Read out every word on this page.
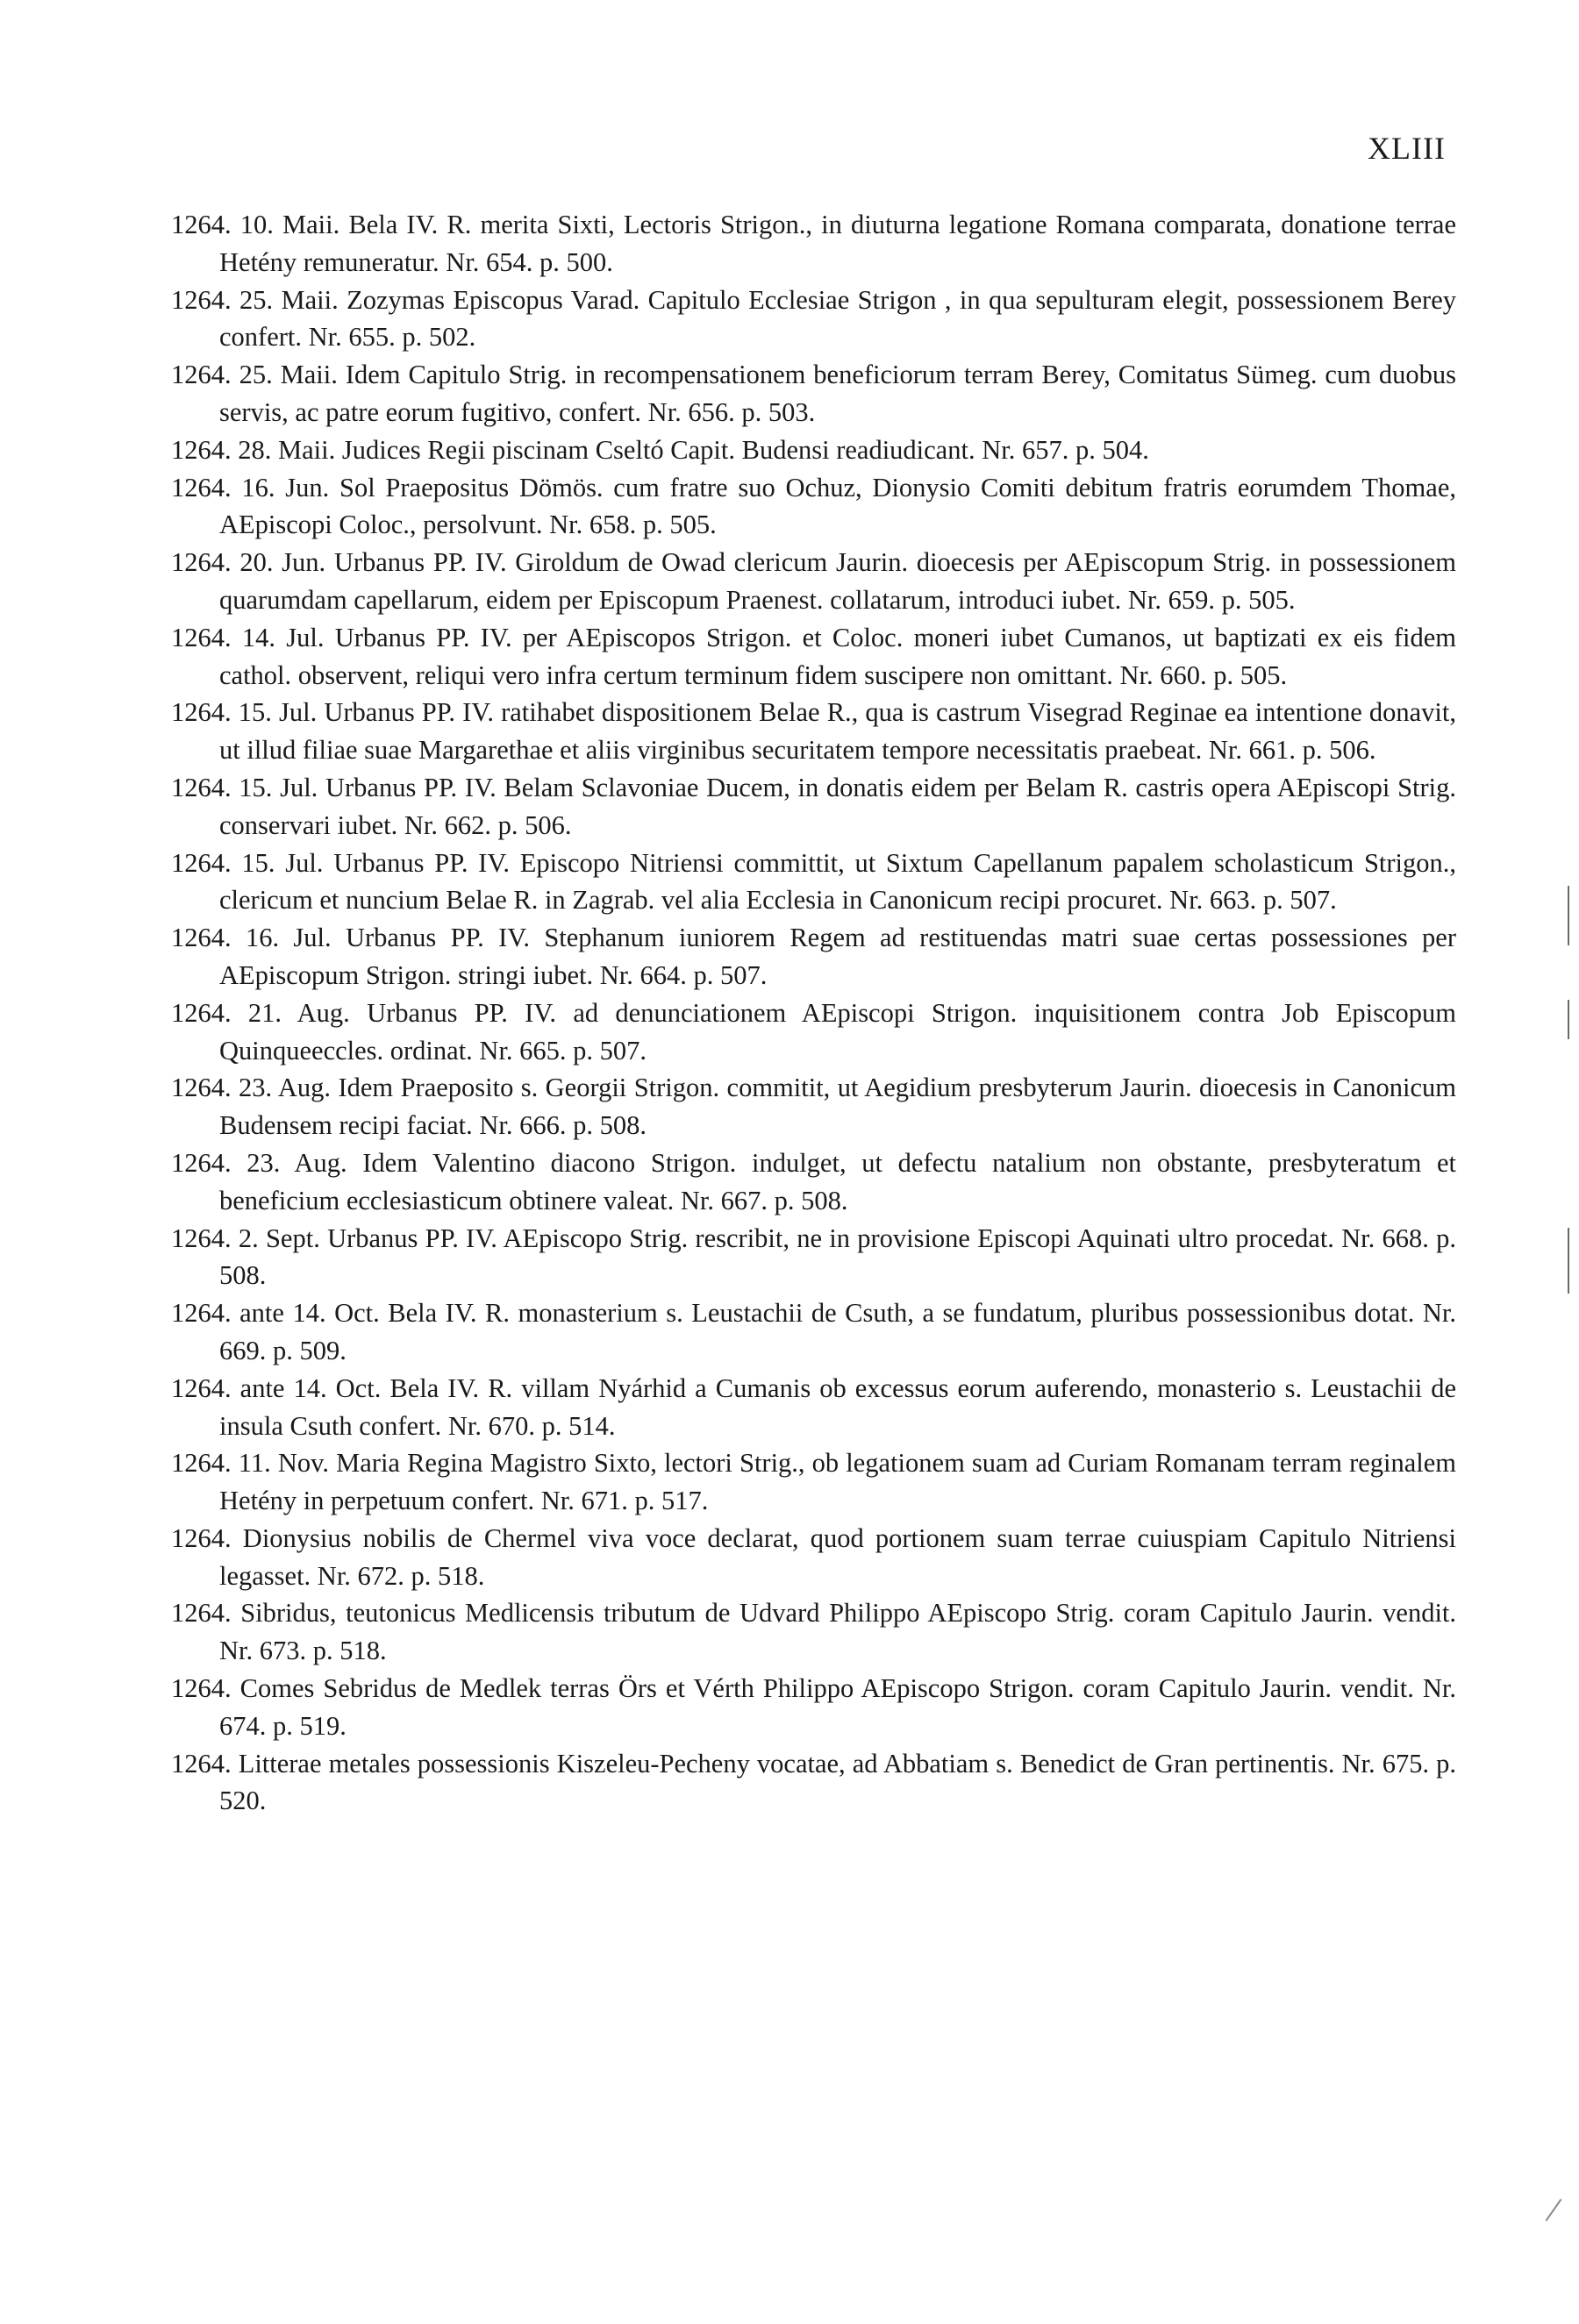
XLIII

1264. 10. Maii. Bela IV. R. merita Sixti, Lectoris Strigon., in diuturna legatione Romana comparata, donatione terrae Hetény remuneratur. Nr. 654. p. 500.

1264. 25. Maii. Zozymas Episcopus Varad. Capitulo Ecclesiae Strigon , in qua sepulturam elegit, possessionem Berey confert. Nr. 655. p. 502.

1264. 25. Maii. Idem Capitulo Strig. in recompensationem beneficiorum terram Berey, Comitatus Sümeg. cum duobus servis, ac patre eorum fugitivo, confert. Nr. 656. p. 503.

1264. 28. Maii. Judices Regii piscinam Cseltó Capit. Budensi readiudicant. Nr. 657. p. 504.

1264. 16. Jun. Sol Praepositus Dömös. cum fratre suo Ochuz, Dionysio Comiti debitum fratris eorumdem Thomae, AEpiscopi Coloc., persolvunt. Nr. 658. p. 505.

1264. 20. Jun. Urbanus PP. IV. Giroldum de Owad clericum Jaurin. dioecesis per AEpiscopum Strig. in possessionem quarumdam capellarum, eidem per Episcopum Praenest. collatarum, introduci iubet. Nr. 659. p. 505.

1264. 14. Jul. Urbanus PP. IV. per AEpiscopos Strigon. et Coloc. moneri iubet Cumanos, ut baptizati ex eis fidem cathol. observent, reliqui vero infra certum terminum fidem suscipere non omittant. Nr. 660. p. 505.

1264. 15. Jul. Urbanus PP. IV. ratihabet dispositionem Belae R., qua is castrum Visegrad Reginae ea intentione donavit, ut illud filiae suae Margarethae et aliis virginibus securitatem tempore necessitatis praebeat. Nr. 661. p. 506.

1264. 15. Jul. Urbanus PP. IV. Belam Sclavoniae Ducem, in donatis eidem per Belam R. castris opera AEpiscopi Strig. conservari iubet. Nr. 662. p. 506.

1264. 15. Jul. Urbanus PP. IV. Episcopo Nitriensi committit, ut Sixtum Capellanum papalem scholasticum Strigon., clericum et nuncium Belae R. in Zagrab. vel alia Ecclesia in Canonicum recipi procuret. Nr. 663. p. 507.

1264. 16. Jul. Urbanus PP. IV. Stephanum iuniorem Regem ad restituendas matri suae certas possessiones per AEpiscopum Strigon. stringi iubet. Nr. 664. p. 507.

1264. 21. Aug. Urbanus PP. IV. ad denunciationem AEpiscopi Strigon. inquisitionem contra Job Episcopum Quinqueeccles. ordinat. Nr. 665. p. 507.

1264. 23. Aug. Idem Praeposito s. Georgii Strigon. commitit, ut Aegidium presbyterum Jaurin. dioecesis in Canonicum Budensem recipi faciat. Nr. 666. p. 508.

1264. 23. Aug. Idem Valentino diacono Strigon. indulget, ut defectu natalium non obstante, presbyteratum et beneficium ecclesiasticum obtinere valeat. Nr. 667. p. 508.

1264. 2. Sept. Urbanus PP. IV. AEpiscopo Strig. rescribit, ne in provisione Episcopi Aquinati ultro procedat. Nr. 668. p. 508.

1264. ante 14. Oct. Bela IV. R. monasterium s. Leustachii de Csuth, a se fundatum, pluribus possessionibus dotat. Nr. 669. p. 509.

1264. ante 14. Oct. Bela IV. R. villam Nyárhid a Cumanis ob excessus eorum auferendo, monasterio s. Leustachii de insula Csuth confert. Nr. 670. p. 514.

1264. 11. Nov. Maria Regina Magistro Sixto, lectori Strig., ob legationem suam ad Curiam Romanam terram reginalem Hetény in perpetuum confert. Nr. 671. p. 517.

1264. Dionysius nobilis de Chermel viva voce declarat, quod portionem suam terrae cuiuspiam Capitulo Nitriensi legasset. Nr. 672. p. 518.

1264. Sibridus, teutonicus Medlicensis tributum de Udvard Philippo AEpiscopo Strig. coram Capitulo Jaurin. vendit. Nr. 673. p. 518.

1264. Comes Sebridus de Medlek terras Örs et Vérth Philippo AEpiscopo Strigon. coram Capitulo Jaurin. vendit. Nr. 674. p. 519.

1264. Litterae metales possessionis Kiszeleu-Pecheny vocatae, ad Abbatiam s. Benedict de Gran pertinentis. Nr. 675. p. 520.
